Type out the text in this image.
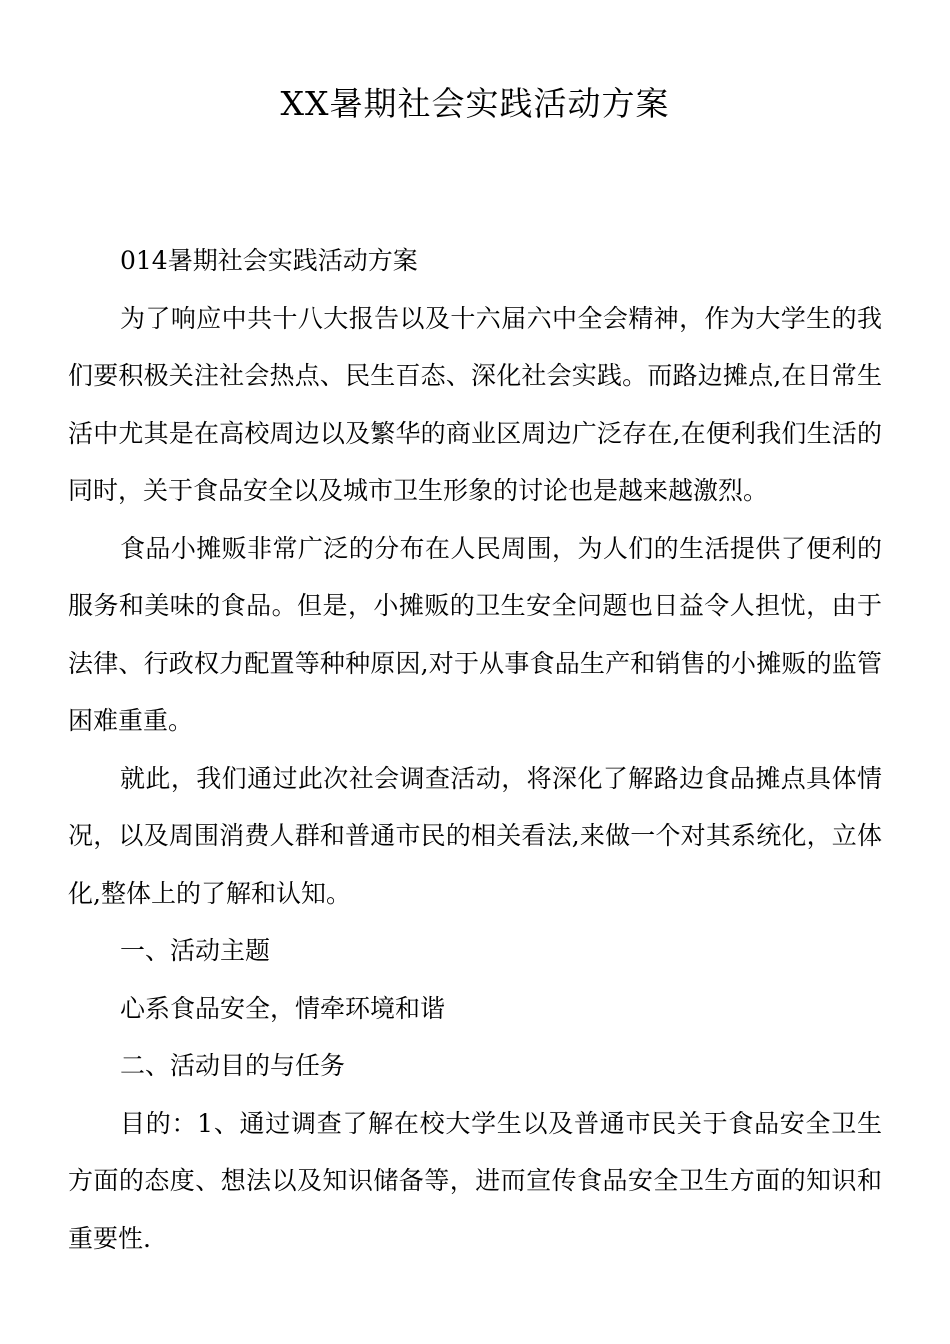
XX暑期社会实践活动方案

014暑期社会实践活动方案

为了响应中共十八大报告以及十六届六中全会精神，作为大学生的我们要积极关注社会热点、民生百态、深化社会实践。而路边摊点,在日常生活中尤其是在高校周边以及繁华的商业区周边广泛存在,在便利我们生活的同时，关于食品安全以及城市卫生形象的讨论也是越来越激烈。

食品小摊贩非常广泛的分布在人民周围，为人们的生活提供了便利的服务和美味的食品。但是，小摊贩的卫生安全问题也日益令人担忧，由于法律、行政权力配置等种种原因,对于从事食品生产和销售的小摊贩的监管困难重重。

就此，我们通过此次社会调查活动，将深化了解路边食品摊点具体情况，以及周围消费人群和普通市民的相关看法,来做一个对其系统化，立体化,整体上的了解和认知。

一、活动主题

心系食品安全，情牵环境和谐

二、活动目的与任务

目的：1、通过调查了解在校大学生以及普通市民关于食品安全卫生方面的态度、想法以及知识储备等，进而宣传食品安全卫生方面的知识和重要性.
